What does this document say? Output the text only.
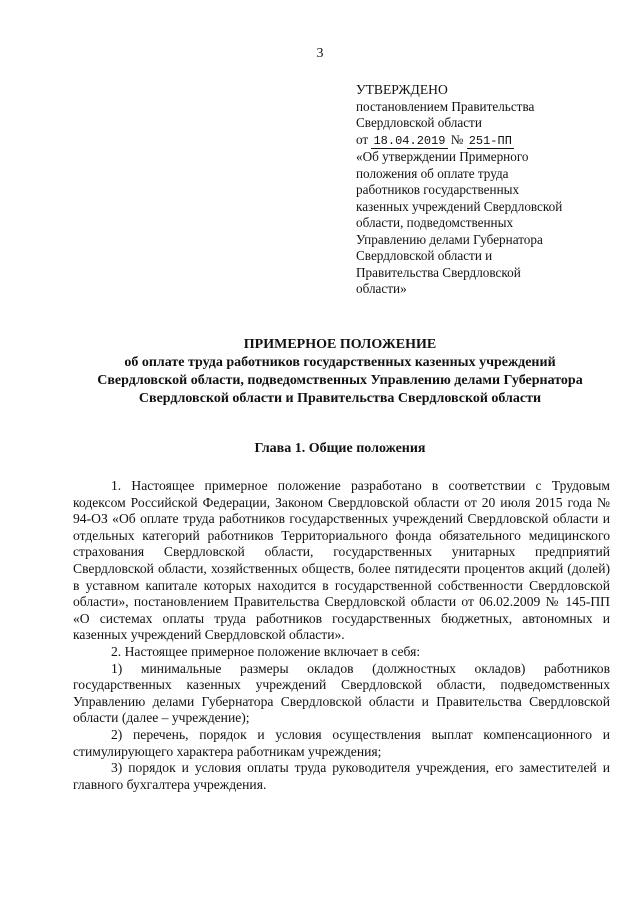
3
УТВЕРЖДЕНО
постановлением Правительства
Свердловской области
от 18.04.2019 № 251-ПП
«Об утверждении Примерного
положения об оплате труда
работников государственных
казенных учреждений Свердловской
области, подведомственных
Управлению делами Губернатора
Свердловской области и
Правительства Свердловской
области»
ПРИМЕРНОЕ ПОЛОЖЕНИЕ
об оплате труда работников государственных казенных учреждений
Свердловской области, подведомственных Управлению делами Губернатора
Свердловской области и Правительства Свердловской области
Глава 1. Общие положения

1. Настоящее примерное положение разработано в соответствии с Трудовым кодексом Российской Федерации, Законом Свердловской области от 20 июля 2015 года № 94-ОЗ «Об оплате труда работников государственных учреждений Свердловской области и отдельных категорий работников Территориального фонда обязательного медицинского страхования Свердловской области, государственных унитарных предприятий Свердловской области, хозяйственных обществ, более пятидесяти процентов акций (долей) в уставном капитале которых находится в государственной собственности Свердловской области», постановлением Правительства Свердловской области от 06.02.2009 № 145-ПП «О системах оплаты труда работников государственных бюджетных, автономных и казенных учреждений Свердловской области».

2. Настоящее примерное положение включает в себя:

1) минимальные размеры окладов (должностных окладов) работников государственных казенных учреждений Свердловской области, подведомственных Управлению делами Губернатора Свердловской области и Правительства Свердловской области (далее – учреждение);

2) перечень, порядок и условия осуществления выплат компенсационного и стимулирующего характера работникам учреждения;

3) порядок и условия оплаты труда руководителя учреждения, его заместителей и главного бухгалтера учреждения.
